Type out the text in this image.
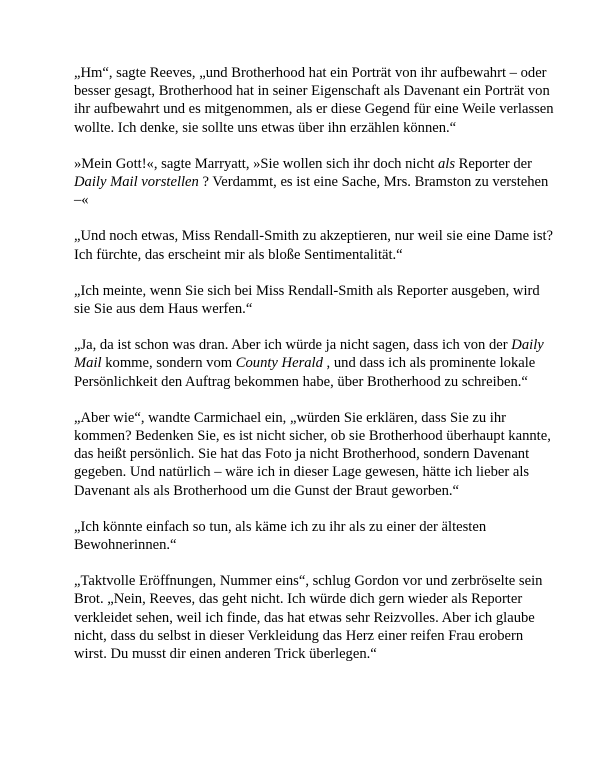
„Hm“, sagte Reeves, „und Brotherhood hat ein Porträt von ihr aufbewahrt – oder besser gesagt, Brotherhood hat in seiner Eigenschaft als Davenant ein Porträt von ihr aufbewahrt und es mitgenommen, als er diese Gegend für eine Weile verlassen wollte. Ich denke, sie sollte uns etwas über ihn erzählen können.“

»Mein Gott!«, sagte Marryatt, »Sie wollen sich ihr doch nicht als Reporter der Daily Mail vorstellen ? Verdammt, es ist eine Sache, Mrs. Bramston zu verstehen –«

„Und noch etwas, Miss Rendall-Smith zu akzeptieren, nur weil sie eine Dame ist? Ich fürchte, das erscheint mir als bloße Sentimentalität.“

„Ich meinte, wenn Sie sich bei Miss Rendall-Smith als Reporter ausgeben, wird sie Sie aus dem Haus werfen.“

„Ja, da ist schon was dran. Aber ich würde ja nicht sagen, dass ich von der Daily Mail komme, sondern vom County Herald , und dass ich als prominente lokale Persönlichkeit den Auftrag bekommen habe, über Brotherhood zu schreiben.“

„Aber wie“, wandte Carmichael ein, „würden Sie erklären, dass Sie zu ihr kommen? Bedenken Sie, es ist nicht sicher, ob sie Brotherhood überhaupt kannte, das heißt persönlich. Sie hat das Foto ja nicht Brotherhood, sondern Davenant gegeben. Und natürlich – wäre ich in dieser Lage gewesen, hätte ich lieber als Davenant als als Brotherhood um die Gunst der Braut geworben.“

„Ich könnte einfach so tun, als käme ich zu ihr als zu einer der ältesten Bewohnerinnen.“

„Taktvolle Eröffnungen, Nummer eins“, schlug Gordon vor und zerbröselte sein Brot. „Nein, Reeves, das geht nicht. Ich würde dich gern wieder als Reporter verkleidet sehen, weil ich finde, das hat etwas sehr Reizvolles. Aber ich glaube nicht, dass du selbst in dieser Verkleidung das Herz einer reifen Frau erobern wirst. Du musst dir einen anderen Trick überlegen.“
